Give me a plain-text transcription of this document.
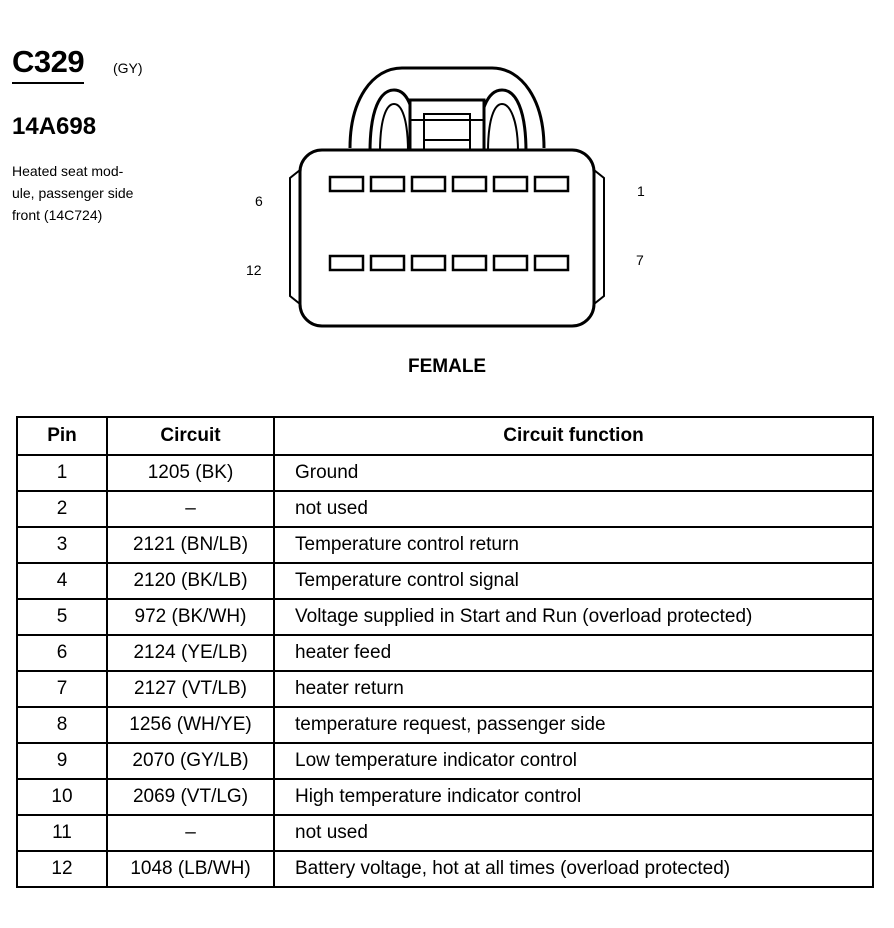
C329 (GY)
14A698
Heated seat mod-
ule, passenger side
front (14C724)
6
12
1
7
FEMALE
Pin	Circuit	Circuit function
1	1205 (BK)	Ground
2	–	not used
3	2121 (BN/LB)	Temperature control return
4	2120 (BK/LB)	Temperature control signal
5	972 (BK/WH)	Voltage supplied in Start and Run (overload protected)
6	2124 (YE/LB)	heater feed
7	2127 (VT/LB)	heater return
8	1256 (WH/YE)	temperature request, passenger side
9	2070 (GY/LB)	Low temperature indicator control
10	2069 (VT/LG)	High temperature indicator control
11	–	not used
12	1048 (LB/WH)	Battery voltage, hot at all times (overload protected)
